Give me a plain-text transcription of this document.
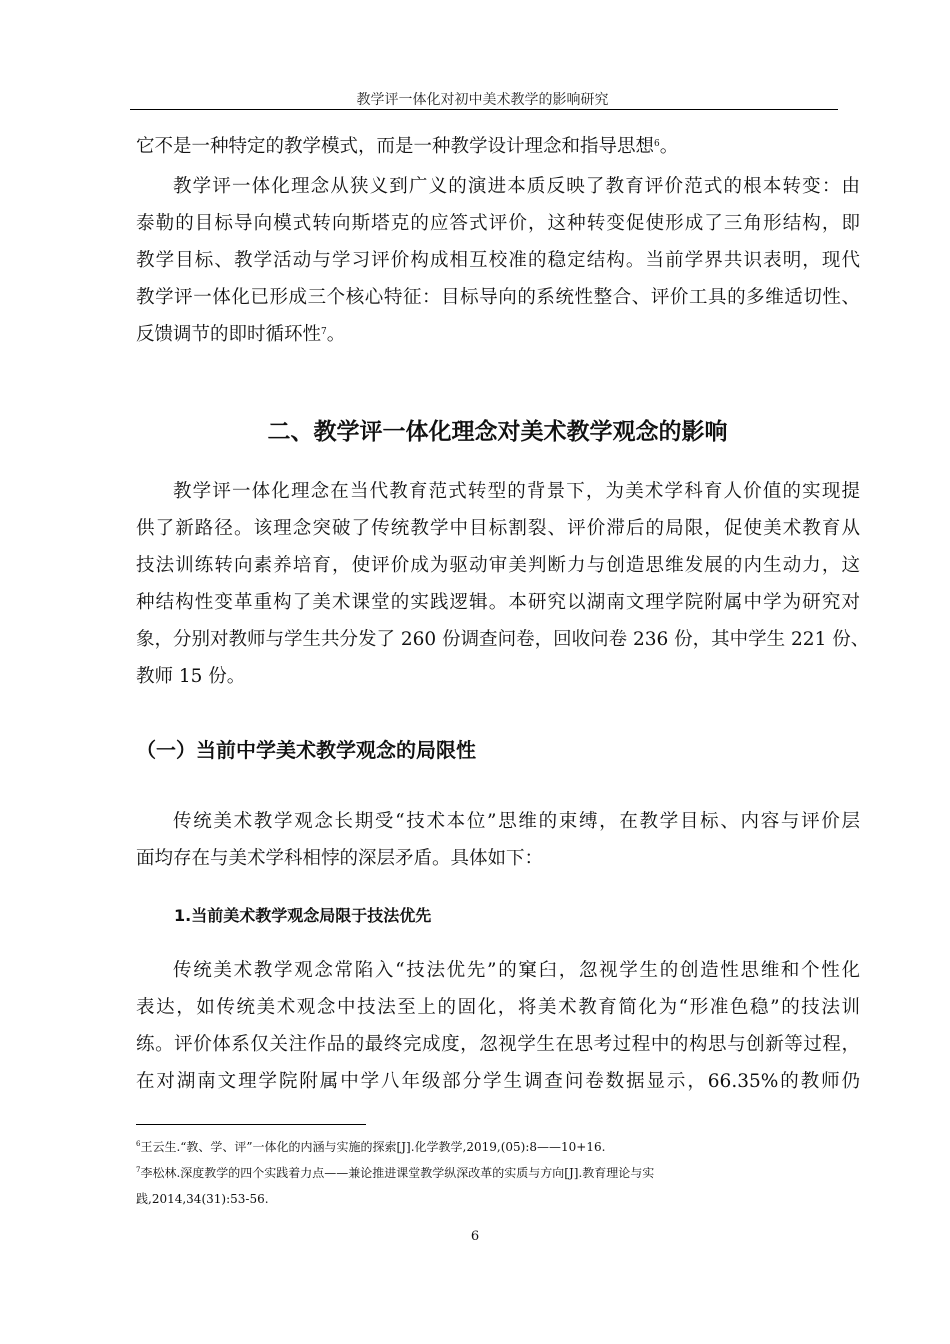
教学评一体化对初中美术教学的影响研究
它不是一种特定的教学模式，而是一种教学设计理念和指导思想$^6$。
教学评一体化理念从狭义到广义的演进本质反映了教育评价范式的根本转变：由
泰勒的目标导向模式转向斯塔克的应答式评价，这种转变促使形成了三角形结构，即
教学目标、教学活动与学习评价构成相互校准的稳定结构。当前学界共识表明，现代
教学评一体化已形成三个核心特征：目标导向的系统性整合、评价工具的多维适切性、
反馈调节的即时循环性$^7$。
二、教学评一体化理念对美术教学观念的影响
教学评一体化理念在当代教育范式转型的背景下，为美术学科育人价值的实现提
供了新路径。该理念突破了传统教学中目标割裂、评价滞后的局限，促使美术教育从
技法训练转向素养培育，使评价成为驱动审美判断力与创造思维发展的内生动力，这
种结构性变革重构了美术课堂的实践逻辑。本研究以湖南文理学院附属中学为研究对
象，分别对教师与学生共分发了 260 份调查问卷，回收问卷 236 份，其中学生 221 份、
教师 15 份。
（一）当前中学美术教学观念的局限性
传统美术教学观念长期受“技术本位”思维的束缚，在教学目标、内容与评价层
面均存在与美术学科相悖的深层矛盾。具体如下：
1.当前美术教学观念局限于技法优先
传统美术教学观念常陷入“技法优先”的窠臼，忽视学生的创造性思维和个性化
表达，如传统美术观念中技法至上的固化，将美术教育简化为“形准色稳”的技法训
练。评价体系仅关注作品的最终完成度，忽视学生在思考过程中的构思与创新等过程，
在对湖南文理学院附属中学八年级部分学生调查问卷数据显示，66.35%的教师仍
$^6$王云生.“教、学、评”一体化的内涵与实施的探索[J].化学教学,2019,(05):8——10+16.
$^7$李松林.深度教学的四个实践着力点——兼论推进课堂教学纵深改革的实质与方向[J].教育理论与实
践,2014,34(31):53-56.
6
